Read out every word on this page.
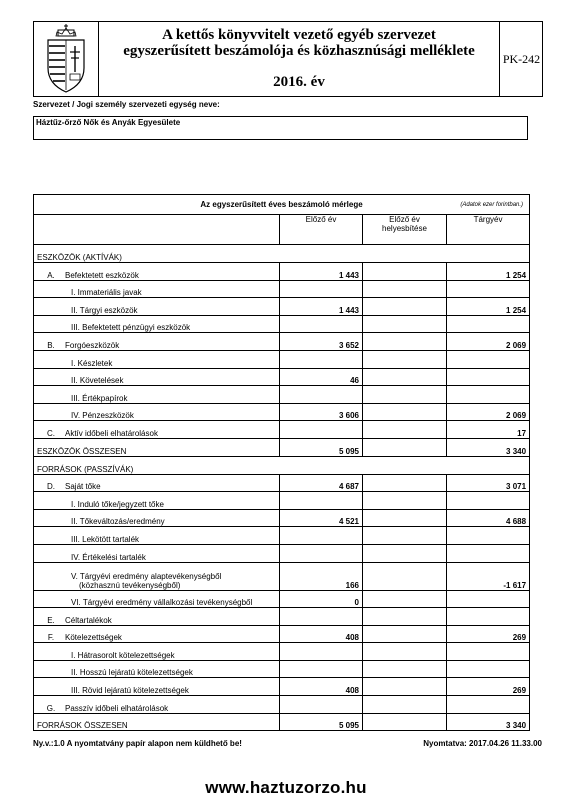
A kettős könyvvitelt vezető egyéb szervezet
egyszerűsített beszámolója és közhasznúsági melléklete
2016. év
PK-242
Szervezet / Jogi személy szervezeti egység neve:
Háztűz-őrző Nők és Anyák Egyesülete
Az egyszerűsített éves beszámoló mérlege (Adatok ezer forintban.)			

	Előző év	Előző év
helyesbítése	Tárgyév
ESZKÖZÖK (AKTÍVÁK)			
A. Befektetett eszközök	1 443		1 254
I. Immateriális javak			
II. Tárgyi eszközök	1 443		1 254
III. Befektetett pénzügyi eszközök			
B. Forgóeszközök	3 652		2 069
I. Készletek			
II. Követelések	46		
III. Értékpapírok			
IV. Pénzeszközök	3 606		2 069
C. Aktív időbeli elhatárolások			17
ESZKÖZÖK ÖSSZESEN	5 095		3 340
FORRÁSOK (PASSZÍVÁK)			
D. Saját tőke	4 687		3 071
I. Induló tőke/jegyzett tőke			
II. Tőkeváltozás/eredmény	4 521		4 688
III. Lekötött tartalék			
IV. Értékelési tartalék			
V. Tárgyévi eredmény alaptevékenységből
(közhasznú tevékenységből)	166		-1 617
VI. Tárgyévi eredmény vállalkozási tevékenységből	0		
E. Céltartalékok			
F. Kötelezettségek	408		269
I. Hátrasorolt kötelezettségek			
II. Hosszú lejáratú kötelezettségek			
III. Rövid lejáratú kötelezettségek	408		269
G. Passzív időbeli elhatárolások			
FORRÁSOK ÖSSZESEN	5 095		3 340
Ny.v.:1.0 A nyomtatvány papír alapon nem küldhető be!	Nyomtatva: 2017.04.26 11.33.00
www.haztuzorzo.hu
